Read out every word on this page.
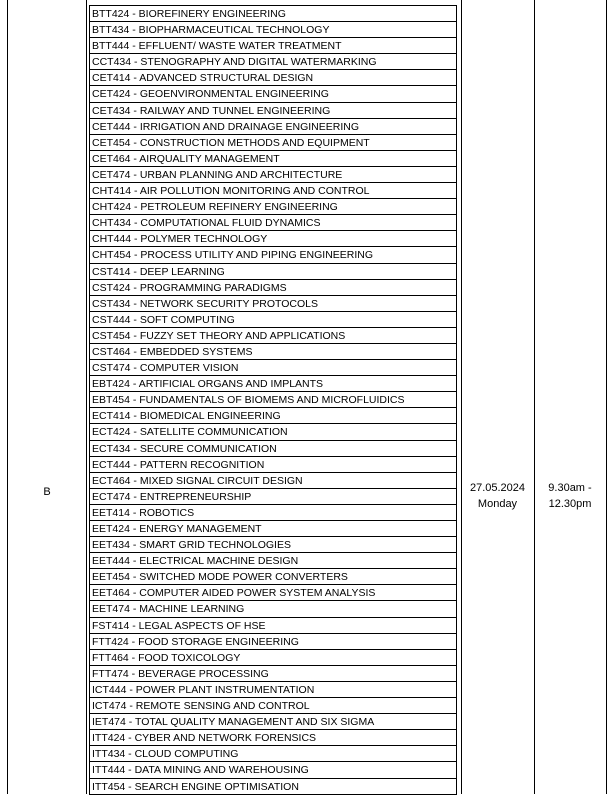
B
BTT424 - BIOREFINERY ENGINEERING
BTT434 - BIOPHARMACEUTICAL TECHNOLOGY
BTT444 - EFFLUENT/ WASTE WATER TREATMENT
CCT434 - STENOGRAPHY AND DIGITAL WATERMARKING
CET414 - ADVANCED STRUCTURAL DESIGN
CET424 - GEOENVIRONMENTAL ENGINEERING
CET434 - RAILWAY AND TUNNEL ENGINEERING
CET444 - IRRIGATION AND DRAINAGE ENGINEERING
CET454 - CONSTRUCTION METHODS AND EQUIPMENT
CET464 - AIRQUALITY MANAGEMENT
CET474 - URBAN PLANNING AND ARCHITECTURE
CHT414 - AIR POLLUTION MONITORING AND CONTROL
CHT424 - PETROLEUM REFINERY ENGINEERING
CHT434 - COMPUTATIONAL FLUID DYNAMICS
CHT444 - POLYMER TECHNOLOGY
CHT454 - PROCESS UTILITY AND PIPING ENGINEERING
CST414 - DEEP LEARNING
CST424 - PROGRAMMING PARADIGMS
CST434 - NETWORK SECURITY PROTOCOLS
CST444 - SOFT COMPUTING
CST454 - FUZZY SET THEORY AND APPLICATIONS
CST464 - EMBEDDED SYSTEMS
CST474 - COMPUTER VISION
EBT424 - ARTIFICIAL ORGANS AND IMPLANTS
EBT454 - FUNDAMENTALS OF BIOMEMS AND MICROFLUIDICS
ECT414 - BIOMEDICAL ENGINEERING
ECT424 - SATELLITE COMMUNICATION
ECT434 - SECURE COMMUNICATION
ECT444 - PATTERN RECOGNITION
ECT464 - MIXED SIGNAL CIRCUIT DESIGN
ECT474 - ENTREPRENEURSHIP
EET414 - ROBOTICS
EET424 - ENERGY MANAGEMENT
EET434 - SMART GRID TECHNOLOGIES
EET444 - ELECTRICAL MACHINE DESIGN
EET454 - SWITCHED MODE POWER CONVERTERS
EET464 - COMPUTER AIDED POWER SYSTEM ANALYSIS
EET474 - MACHINE LEARNING
FST414 - LEGAL ASPECTS OF HSE
FTT424 - FOOD STORAGE ENGINEERING
FTT464 - FOOD TOXICOLOGY
FTT474 - BEVERAGE PROCESSING
ICT444 - POWER PLANT INSTRUMENTATION
ICT474 - REMOTE SENSING AND CONTROL
IET474 - TOTAL QUALITY MANAGEMENT AND SIX SIGMA
ITT424 - CYBER AND NETWORK FORENSICS
ITT434 - CLOUD COMPUTING
ITT444 - DATA MINING AND WAREHOUSING
ITT454 - SEARCH ENGINE OPTIMISATION
27.05.2024
Monday
9.30am -
12.30pm
